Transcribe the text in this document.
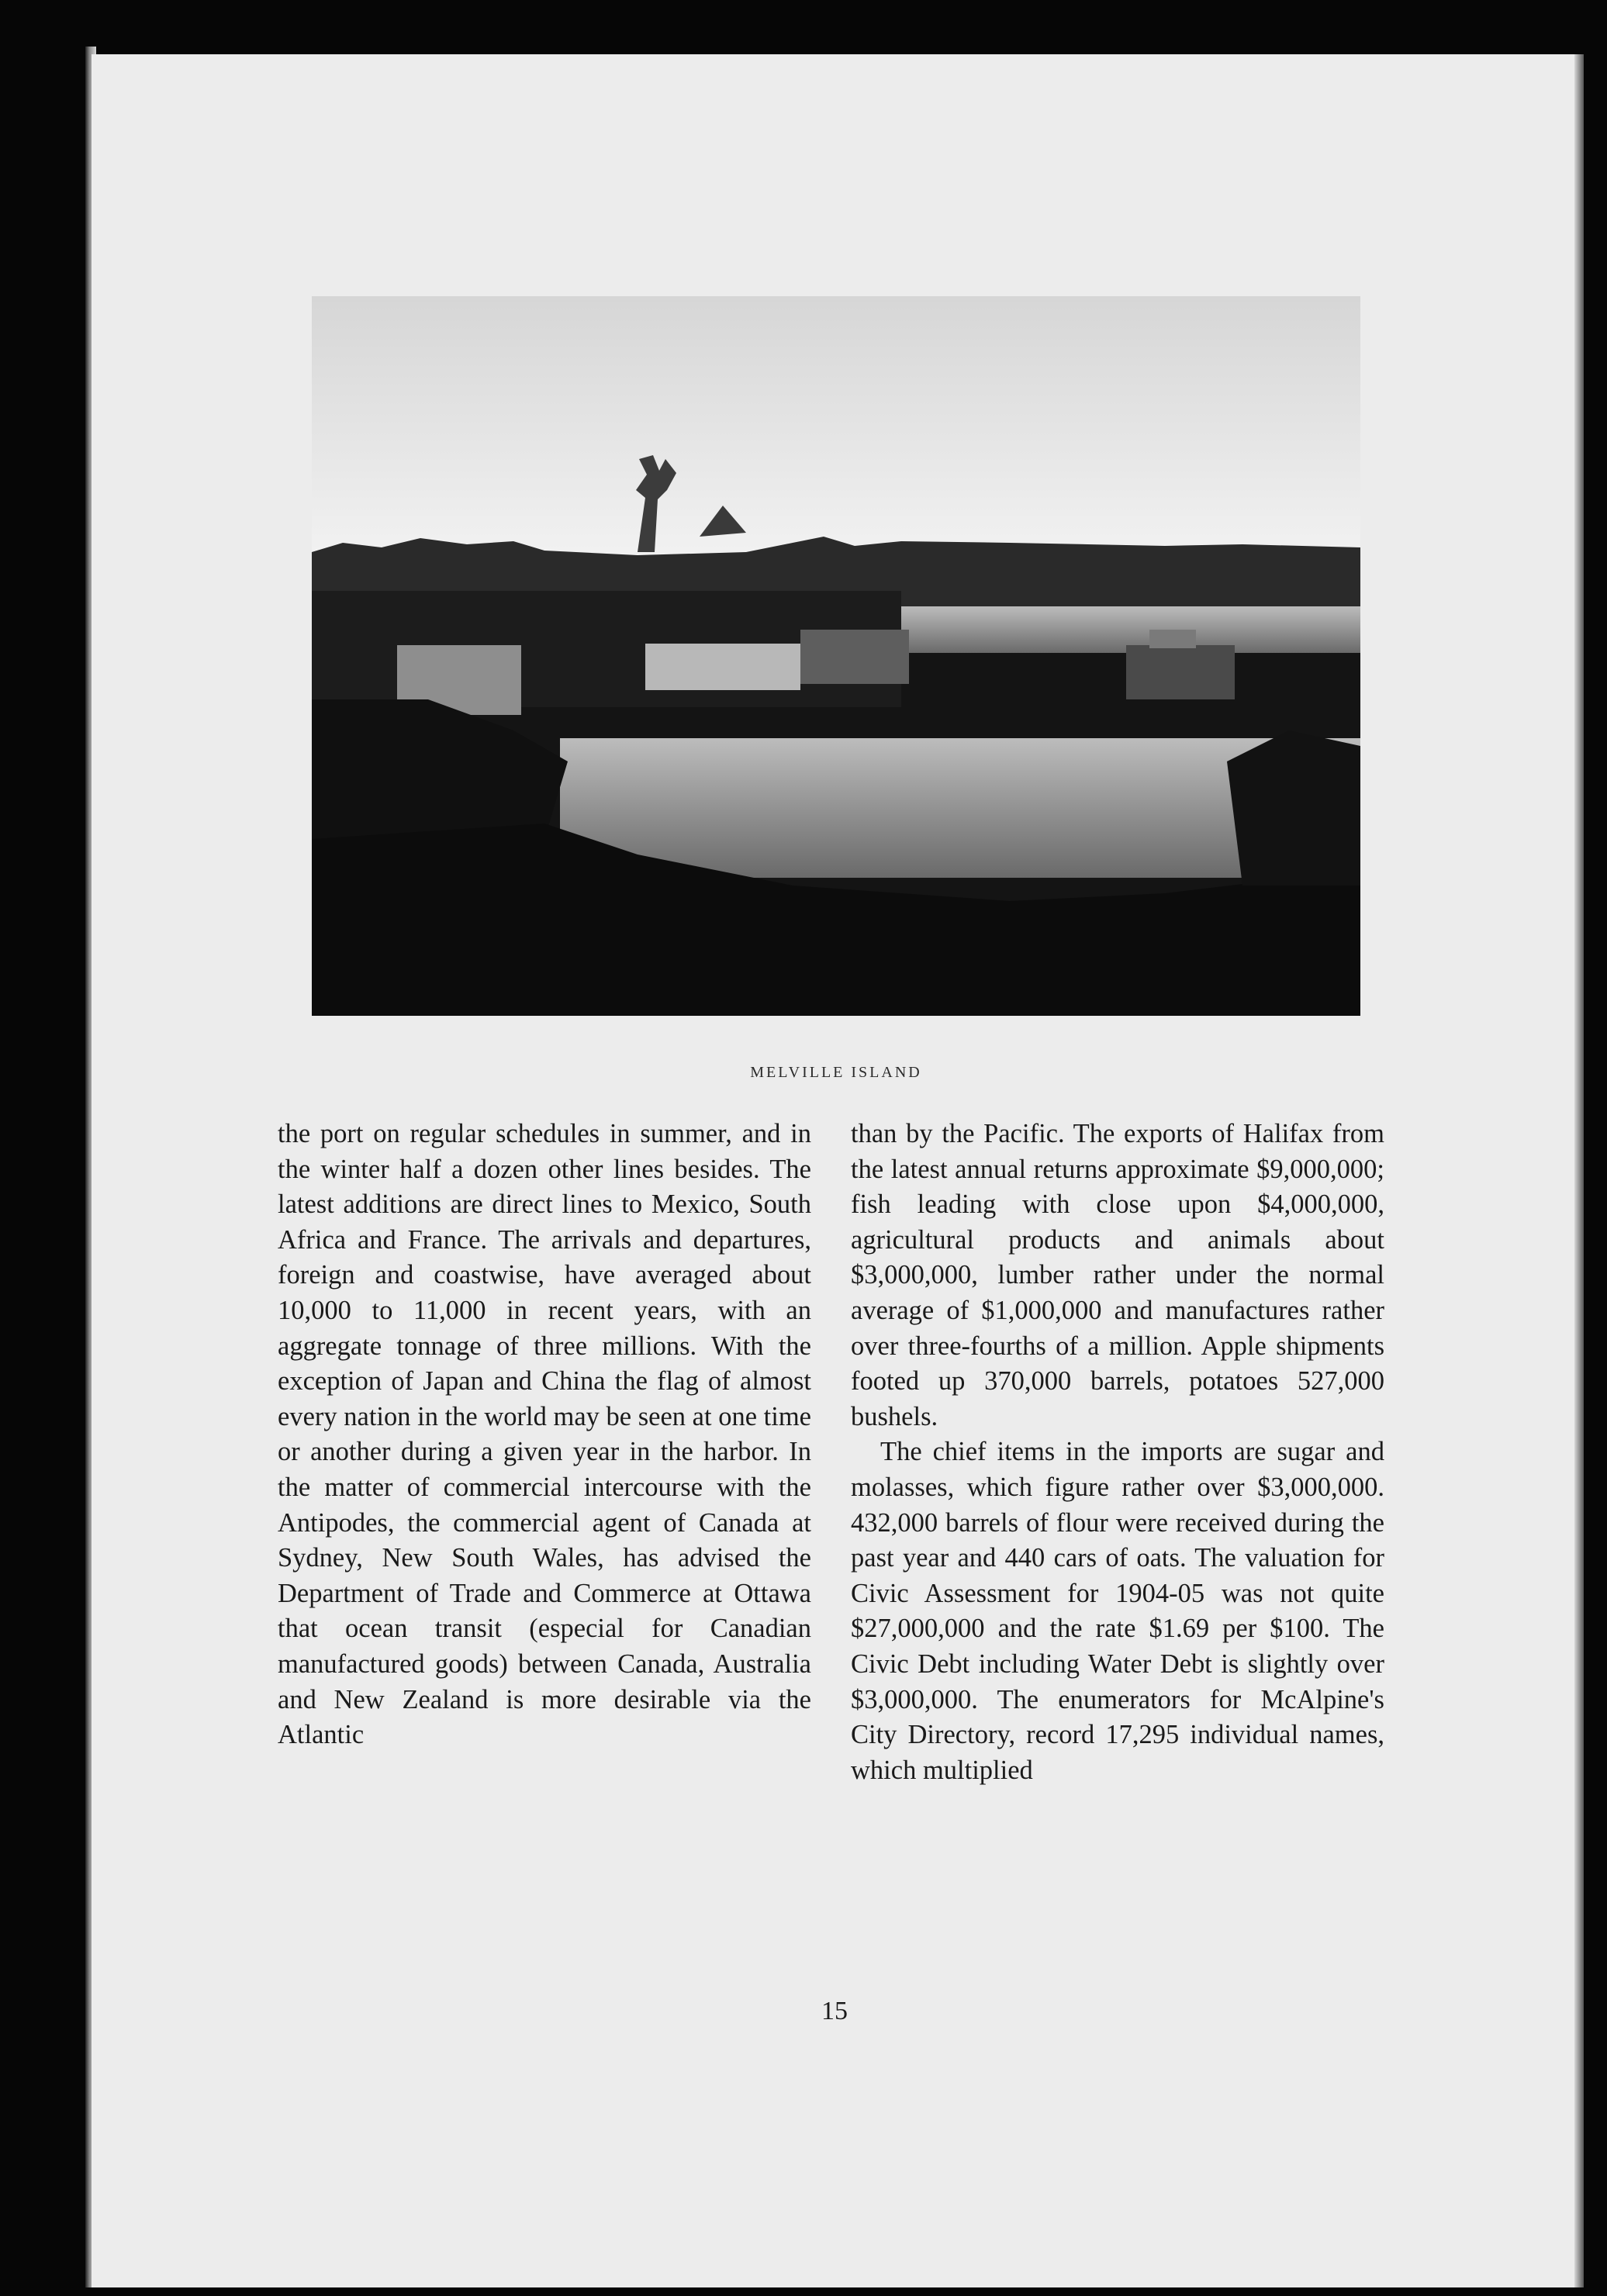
MELVILLE ISLAND

the port on regular schedules in summer, and in the winter half a dozen other lines besides. The latest additions are direct lines to Mexico, South Africa and France. The arrivals and departures, foreign and coastwise, have averaged about 10,000 to 11,000 in recent years, with an aggregate tonnage of three millions. With the exception of Japan and China the flag of almost every nation in the world may be seen at one time or another during a given year in the harbor. In the matter of commercial intercourse with the Antipodes, the commercial agent of Canada at Sydney, New South Wales, has advised the Department of Trade and Commerce at Ottawa that ocean transit (especial for Canadian manufactured goods) between Canada, Australia and New Zealand is more desirable via the Atlantic

than by the Pacific. The exports of Halifax from the latest annual returns approximate $9,000,000; fish leading with close upon $4,000,000, agricultural products and animals about $3,000,000, lumber rather under the normal average of $1,000,000 and manufactures rather over three-fourths of a million. Apple shipments footed up 370,000 barrels, potatoes 527,000 bushels.

The chief items in the imports are sugar and molasses, which figure rather over $3,000,000. 432,000 barrels of flour were received during the past year and 440 cars of oats. The valuation for Civic Assessment for 1904-05 was not quite $27,000,000 and the rate $1.69 per $100. The Civic Debt including Water Debt is slightly over $3,000,000. The enumerators for McAlpine's City Directory, record 17,295 individual names, which multiplied

15
